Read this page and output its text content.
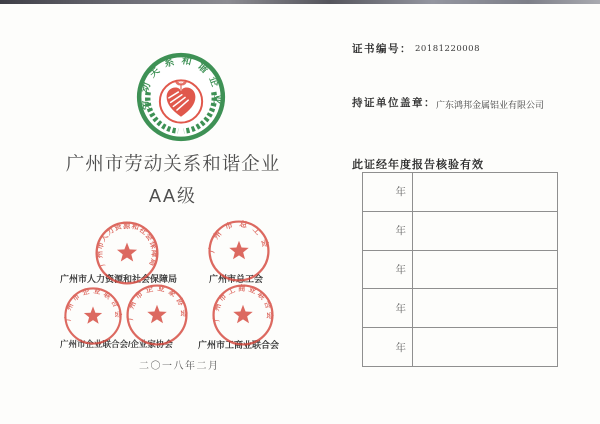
劳动关系和谐企业
广州市劳动关系和谐企业
AA级
广州市人力资源和社会保障局	广州市总工会
广州市企业联合会/企业家协会	广州市工商业联合会
广州市人力资源和社会保障局
广州市总工会
广州市企业联合会 广州市企业家协会 广州市工商业联合会
二〇一八年二月
证书编号： 20181220008
持证单位盖章： 广东鸿邦金属铝业有限公司
此证经年度报告核验有效
年
年
年
年
年
